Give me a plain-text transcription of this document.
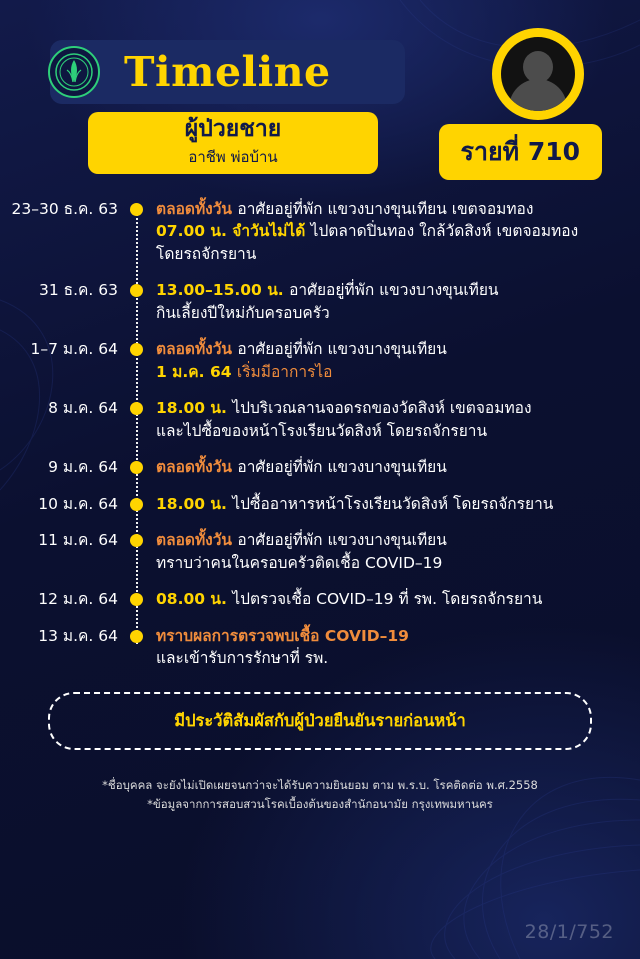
Timeline
ผู้ป่วยชาย
อาชีพ พ่อบ้าน	รายที่ 710
23–30 ธ.ค. 63	ตลอดทั้งวัน อาศัยอยู่ที่พัก แขวงบางขุนเทียน เขตจอมทอง
07.00 น. จำวันไม่ได้ ไปตลาดปิ่นทอง ใกล้วัดสิงห์ เขตจอมทอง
โดยรถจักรยาน
31 ธ.ค. 63	13.00–15.00 น. อาศัยอยู่ที่พัก แขวงบางขุนเทียน
กินเลี้ยงปีใหม่กับครอบครัว
1–7 ม.ค. 64	ตลอดทั้งวัน อาศัยอยู่ที่พัก แขวงบางขุนเทียน
1 ม.ค. 64 เริ่มมีอาการไอ
8 ม.ค. 64	18.00 น. ไปบริเวณลานจอดรถของวัดสิงห์ เขตจอมทอง
และไปซื้อของหน้าโรงเรียนวัดสิงห์ โดยรถจักรยาน
9 ม.ค. 64	ตลอดทั้งวัน อาศัยอยู่ที่พัก แขวงบางขุนเทียน
10 ม.ค. 64	18.00 น. ไปซื้ออาหารหน้าโรงเรียนวัดสิงห์ โดยรถจักรยาน
11 ม.ค. 64	ตลอดทั้งวัน อาศัยอยู่ที่พัก แขวงบางขุนเทียน
ทราบว่าคนในครอบครัวติดเชื้อ COVID–19
12 ม.ค. 64	08.00 น. ไปตรวจเชื้อ COVID–19 ที่ รพ. โดยรถจักรยาน
13 ม.ค. 64	ทราบผลการตรวจพบเชื้อ COVID–19
และเข้ารับการรักษาที่ รพ.
มีประวัติสัมผัสกับผู้ป่วยยืนยันรายก่อนหน้า
*ชื่อบุคคล จะยังไม่เปิดเผยจนกว่าจะได้รับความยินยอม ตาม พ.ร.บ. โรคติดต่อ พ.ศ.2558
*ข้อมูลจากการสอบสวนโรคเบื้องต้นของสำนักอนามัย กรุงเทพมหานคร
28/1/752
